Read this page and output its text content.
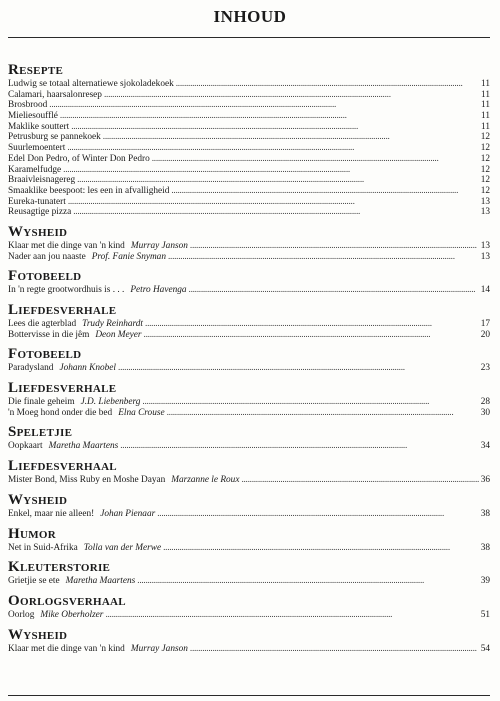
INHOUD
Resepte
Ludwig se totaal alternatiewe sjokoladekoek . . .	11
Calamari, haarsalonresep . . .	11
Brosbrood . . .	11
Mieliesoufflé . . .	11
Maklike souttert . . .	11
Petrusburg se pannekoek . . .	12
Suurlemoentert . . .	12
Edel Don Pedro, of Winter Don Pedro . . .	12
Karamelfudge . . .	12
Braaivleisnagereg . . .	12
Smaaklike beespoot: les een in afvalligheid . . .	12
Eureka-tunatert . . .	13
Reusagtige pizza . . .	13
Wysheid
Klaar met die dinge van 'n kind Murray Janson . . .	13
Nader aan jou naaste Prof. Fanie Snyman . . .	13
Fotobeeld
In 'n regte grootwordhuis is . . . Petro Havenga . . .	14
Liefdesverhale
Lees die agterblad Trudy Reinhardt . . .	17
Bottervisse in die jêm Deon Meyer . . .	20
Fotobeeld
Paradysland Johann Knobel . . .	23
Liefdesverhale
Die finale geheim J.D. Liebenberg . . .	28
'n Moeg hond onder die bed Elna Crouse . . .	30
Speletjie
Oopkaart Maretha Maartens . . .	34
Liefdesverhaal
Mister Bond, Miss Ruby en Moshe Dayan Marzanne le Roux . . .	36
Wysheid
Enkel, maar nie alleen! Johan Pienaar . . .	38
Humor
Net in Suid-Afrika Tolla van der Merwe . . .	38
Kleuterstorie
Grietjie se ete Maretha Maartens . . .	39
Oorlogsverhaal
Oorlog Mike Oberholzer . . .	51
Wysheid
Klaar met die dinge van 'n kind Murray Janson . . .	54
